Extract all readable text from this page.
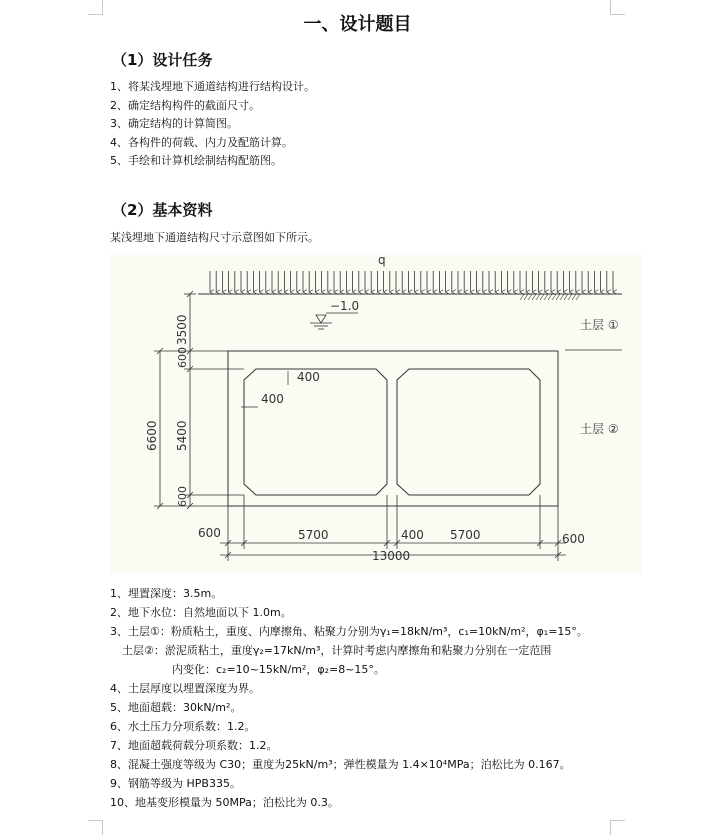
一、设计题目
（1）设计任务
1、将某浅埋地下通道结构进行结构设计。
2、确定结构构件的截面尺寸。
3、确定结构的计算简图。
4、各构件的荷载、内力及配筋计算。
5、手绘和计算机绘制结构配筋图。
（2）基本资料
某浅埋地下通道结构尺寸示意图如下所示。
q
−1.0
土层 ①
土层 ②
400
400
3500
600
5400
600
6600
600	5700	400 5700	600
13000
1、埋置深度：3.5m。
2、地下水位：自然地面以下 1.0m。
3、土层①：粉质粘土，重度、内摩擦角、粘聚力分别为γ₁=18kN/m³，c₁=10kN/m²，φ₁=15°。
土层②：淤泥质粘土，重度γ₂=17kN/m³，计算时考虑内摩擦角和粘聚力分别在一定范围
内变化：c₂=10~15kN/m²，φ₂=8~15°。
4、土层厚度以埋置深度为界。
5、地面超载：30kN/m²。
6、水土压力分项系数：1.2。
7、地面超载荷载分项系数：1.2。
8、混凝土强度等级为 C30；重度为25kN/m³；弹性模量为 1.4×10⁴MPa；泊松比为 0.167。
9、钢筋等级为 HPB335。
10、地基变形模量为 50MPa；泊松比为 0.3。
